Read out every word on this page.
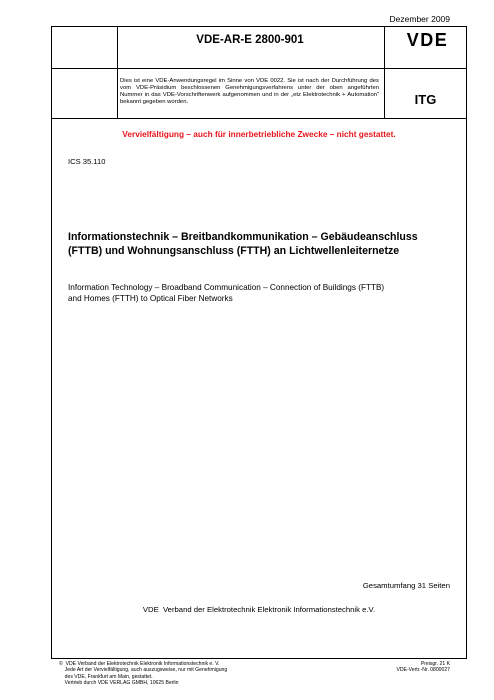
Dezember 2009
VDE-AR-E 2800-901	VDE
Dies ist eine VDE-Anwendungsregel im Sinne von VDE 0022. Sie ist nach der Durchführung des vom VDE-Präsidium beschlossenen Genehmigungsverfahrens unter der oben angeführten Nummer in das VDE-Vorschriftenwerk aufgenommen und in der „etz Elektrotechnik + Automation“ bekannt gegeben worden.	ITG
Vervielfältigung – auch für innerbetriebliche Zwecke – nicht gestattet.
ICS 35.110
Informationstechnik – Breitbandkommunikation – Gebäudeanschluss (FTTB) und Wohnungsanschluss (FTTH) an Lichtwellenleiternetze
Information Technology – Broadband Communication – Connection of Buildings (FTTB) and Homes (FTTH) to Optical Fiber Networks
Gesamtumfang 31 Seiten
VDE  Verband der Elektrotechnik Elektronik Informationstechnik e.V.
©  VDE Verband der Elektrotechnik Elektronik Informationstechnik e. V.
Jede Art der Vervielfältigung, auch auszugsweise, nur mit Genehmigung
des VDE, Frankfurt am Main, gestattet.
Vertrieb durch VDE VERLAG GMBH, 10625 Berlin
Preisgr. 21 K
VDE-Vertr.-Nr. 0800027
